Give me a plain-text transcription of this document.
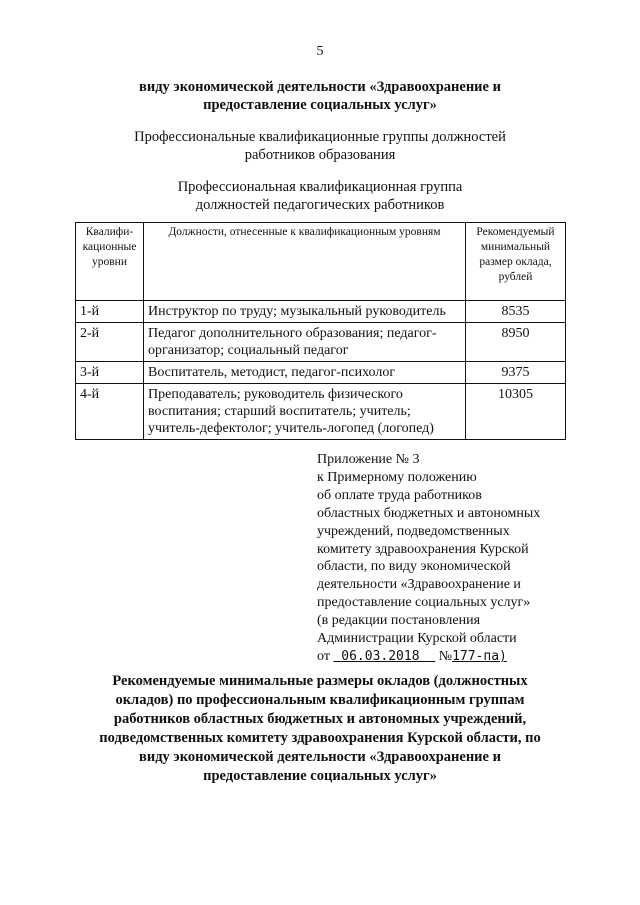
5
виду экономической деятельности «Здравоохранение и
предоставление социальных услуг»
Профессиональные квалификационные группы должностей
работников образования
Профессиональная квалификационная группа
должностей педагогических работников
Квалифи- кационные уровни	Должности, отнесенные к квалификационным уровням	Рекомендуемый минимальный размер оклада, рублей
1-й	Инструктор по труду; музыкальный руководитель	8535
2-й	Педагог дополнительного образования; педагог-организатор; социальный педагог	8950
3-й	Воспитатель, методист, педагог-психолог	9375
4-й	Преподаватель; руководитель физического воспитания; старший воспитатель; учитель; учитель-дефектолог; учитель-логопед (логопед)	10305
Приложение № 3
к Примерному положению
об оплате труда работников
областных бюджетных и автономных
учреждений, подведомственных
комитету здравоохранения Курской
области, по виду экономической
деятельности «Здравоохранение и
предоставление социальных услуг»
(в редакции постановления
Администрации Курской области
от 06.03.2018 №177-па)
Рекомендуемые минимальные размеры окладов (должностных
окладов) по профессиональным квалификационным группам
работников областных бюджетных и автономных учреждений,
подведомственных комитету здравоохранения Курской области, по
виду экономической деятельности «Здравоохранение и
предоставление социальных услуг»
